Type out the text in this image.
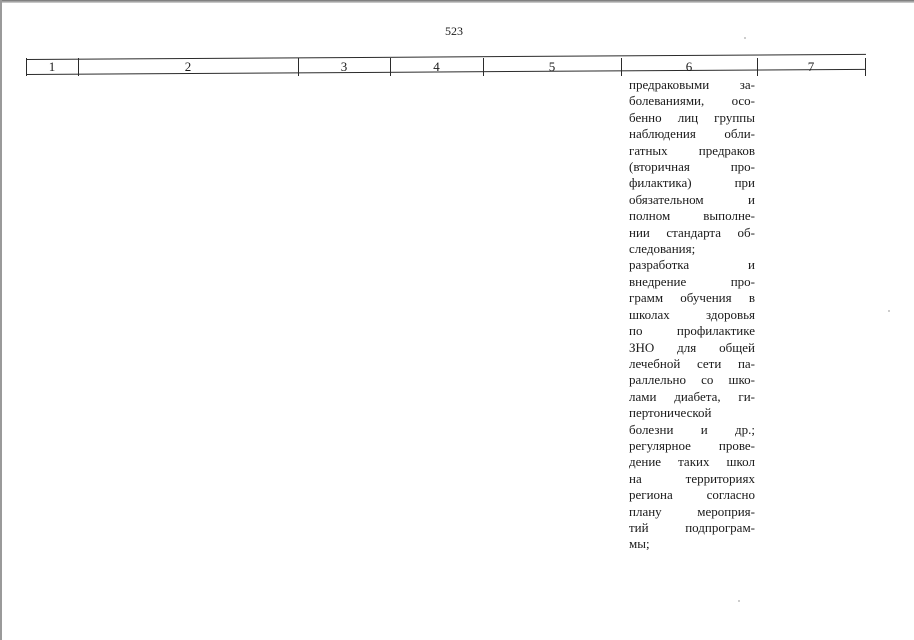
523
1	2	3	4	5	6	7
предраковыми за-
болеваниями, осо-
бенно лиц группы
наблюдения обли-
гатных предраков
(вторичная	про-
филактика)	при
обязательном	и
полном	выполне-
нии стандарта об-
следования;
разработка	и
внедрение	про-
грамм обучения в
школах	здоровья
по	профилактике
ЗНО для общей
лечебной сети па-
раллельно со шко-
лами диабета, ги-
пертонической
болезни и др.;
регулярное прове-
дение таких школ
на	территориях
региона	согласно
плану	мероприя-
тий	подпрограм-
мы;
